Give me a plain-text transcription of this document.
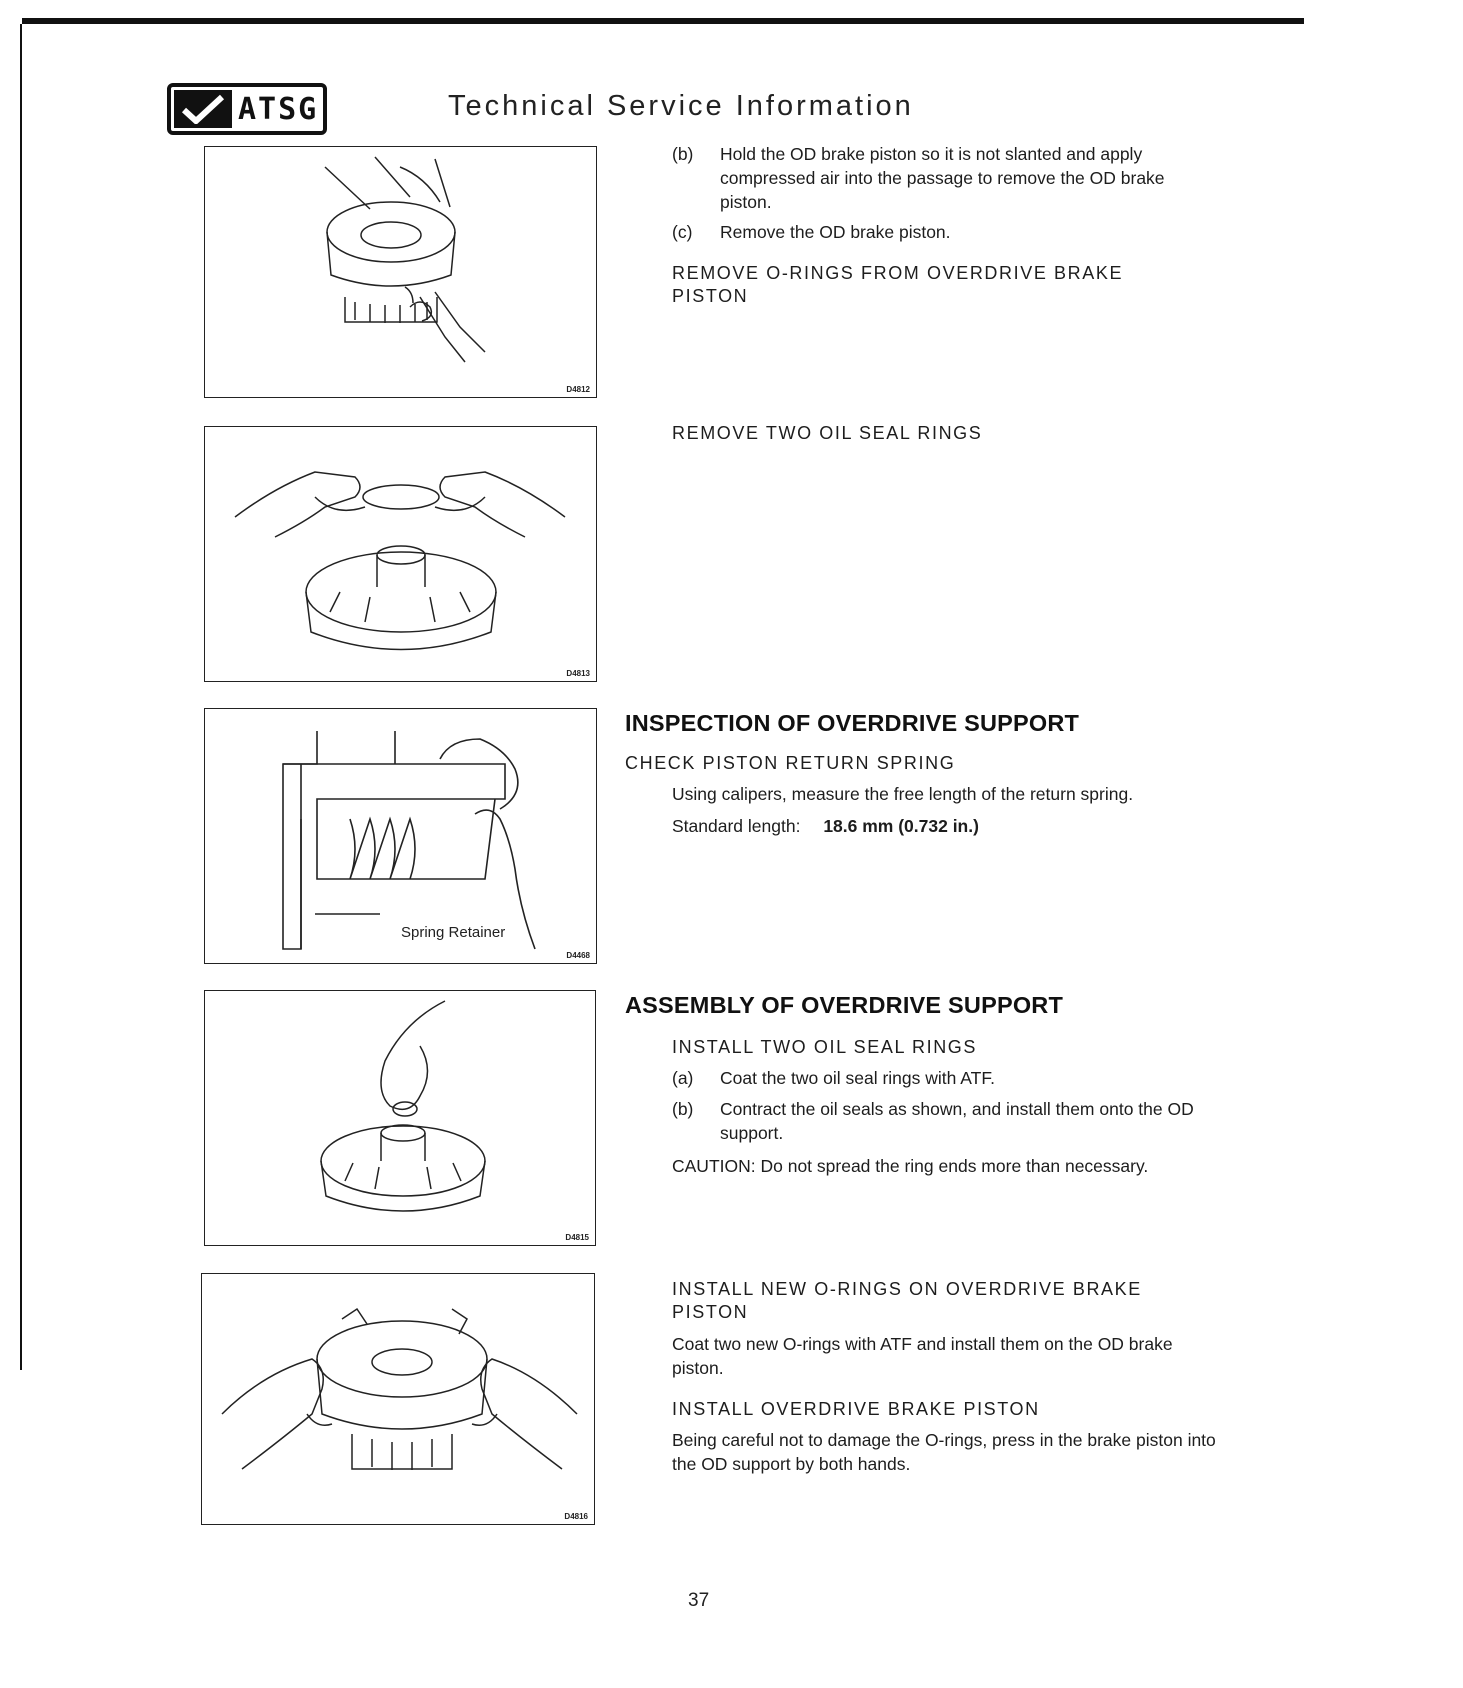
ATSG	Technical Service Information
D4812
D4813
Spring Retainer
D4468
D4815
D4816
(b)	Hold the OD brake piston so it is not slanted and apply compressed air into the passage to remove the OD brake piston.
(c)	Remove the OD brake piston.
REMOVE O-RINGS FROM OVERDRIVE BRAKE PISTON
REMOVE TWO OIL SEAL RINGS
INSPECTION OF OVERDRIVE SUPPORT
CHECK PISTON RETURN SPRING
Using calipers, measure the free length of the return spring.
Standard length: 18.6 mm (0.732 in.)
ASSEMBLY OF OVERDRIVE SUPPORT
INSTALL TWO OIL SEAL RINGS
(a)	Coat the two oil seal rings with ATF.
(b)	Contract the oil seals as shown, and install them onto the OD support.
CAUTION: Do not spread the ring ends more than necessary.
INSTALL NEW O-RINGS ON OVERDRIVE BRAKE PISTON
Coat two new O-rings with ATF and install them on the OD brake piston.
INSTALL OVERDRIVE BRAKE PISTON
Being careful not to damage the O-rings, press in the brake piston into the OD support by both hands.
37
